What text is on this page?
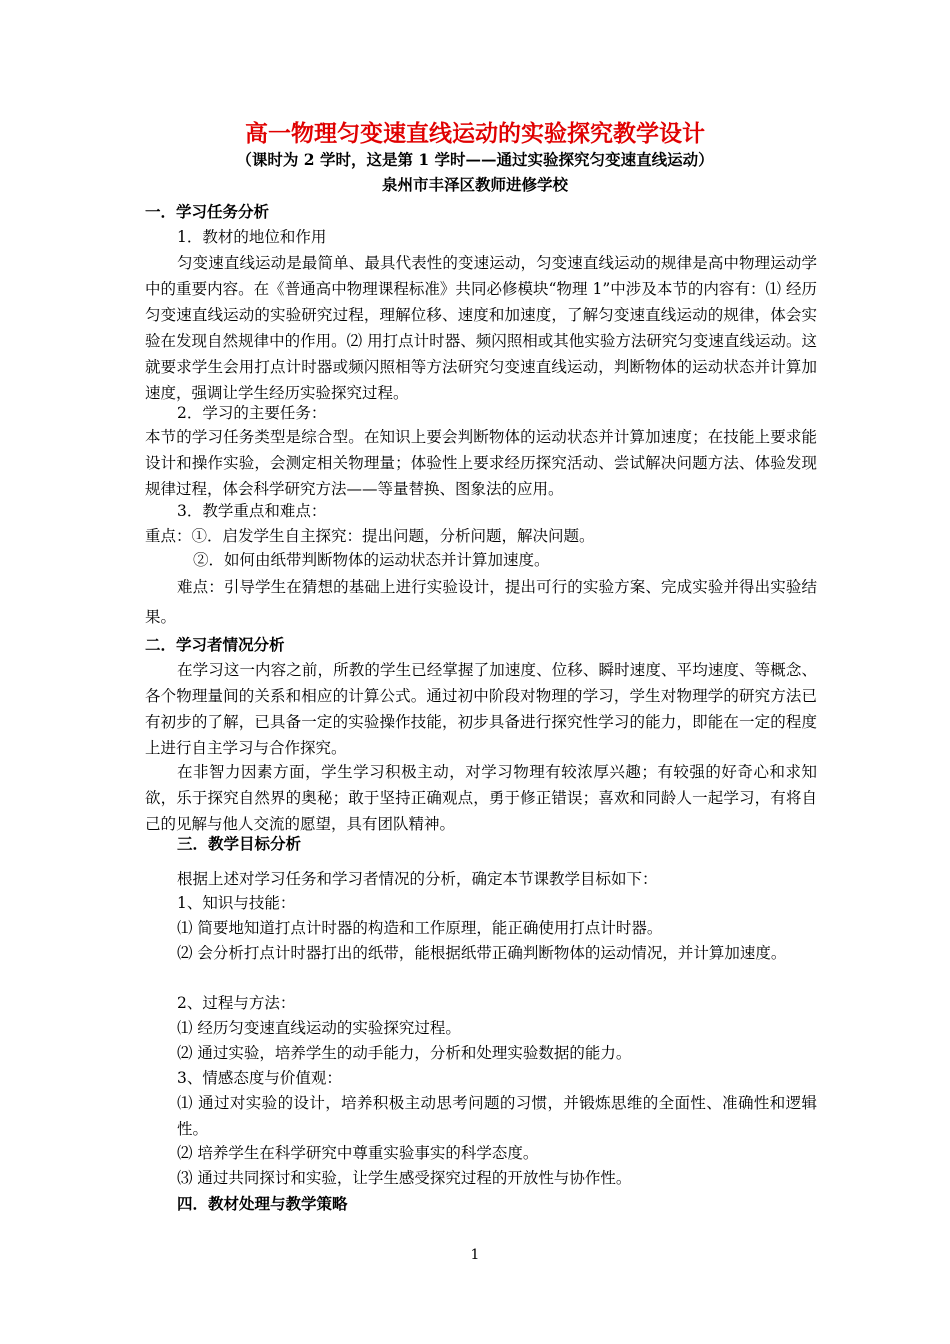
高一物理匀变速直线运动的实验探究教学设计
（课时为 2 学时，这是第 1 学时——通过实验探究匀变速直线运动）
泉州市丰泽区教师进修学校
一．学习任务分析
1．教材的地位和作用
匀变速直线运动是最简单、最具代表性的变速运动，匀变速直线运动的规律是高中物理运动学中的重要内容。在《普通高中物理课程标准》共同必修模块“物理 1”中涉及本节的内容有：⑴ 经历匀变速直线运动的实验研究过程，理解位移、速度和加速度，了解匀变速直线运动的规律，体会实验在发现自然规律中的作用。⑵ 用打点计时器、频闪照相或其他实验方法研究匀变速直线运动。这就要求学生会用打点计时器或频闪照相等方法研究匀变速直线运动，判断物体的运动状态并计算加速度，强调让学生经历实验探究过程。
2．学习的主要任务：
本节的学习任务类型是综合型。在知识上要会判断物体的运动状态并计算加速度；在技能上要求能设计和操作实验，会测定相关物理量；体验性上要求经历探究活动、尝试解决问题方法、体验发现规律过程，体会科学研究方法——等量替换、图象法的应用。
3．教学重点和难点：
重点：①．启发学生自主探究：提出问题，分析问题，解决问题。
②．如何由纸带判断物体的运动状态并计算加速度。
难点：引导学生在猜想的基础上进行实验设计，提出可行的实验方案、完成实验并得出实验结果。
二．学习者情况分析
在学习这一内容之前，所教的学生已经掌握了加速度、位移、瞬时速度、平均速度、等概念、各个物理量间的关系和相应的计算公式。通过初中阶段对物理的学习，学生对物理学的研究方法已有初步的了解，已具备一定的实验操作技能，初步具备进行探究性学习的能力，即能在一定的程度上进行自主学习与合作探究。
在非智力因素方面，学生学习积极主动，对学习物理有较浓厚兴趣；有较强的好奇心和求知欲，乐于探究自然界的奥秘；敢于坚持正确观点，勇于修正错误；喜欢和同龄人一起学习，有将自己的见解与他人交流的愿望，具有团队精神。
三．教学目标分析
根据上述对学习任务和学习者情况的分析，确定本节课教学目标如下：
1、知识与技能：
⑴ 简要地知道打点计时器的构造和工作原理，能正确使用打点计时器。
⑵ 会分析打点计时器打出的纸带，能根据纸带正确判断物体的运动情况，并计算加速度。
2、过程与方法：
⑴ 经历匀变速直线运动的实验探究过程。
⑵ 通过实验，培养学生的动手能力，分析和处理实验数据的能力。
3、情感态度与价值观：
⑴ 通过对实验的设计，培养积极主动思考问题的习惯，并锻炼思维的全面性、准确性和逻辑性。
⑵ 培养学生在科学研究中尊重实验事实的科学态度。
⑶ 通过共同探讨和实验，让学生感受探究过程的开放性与协作性。
四．教材处理与教学策略
1
